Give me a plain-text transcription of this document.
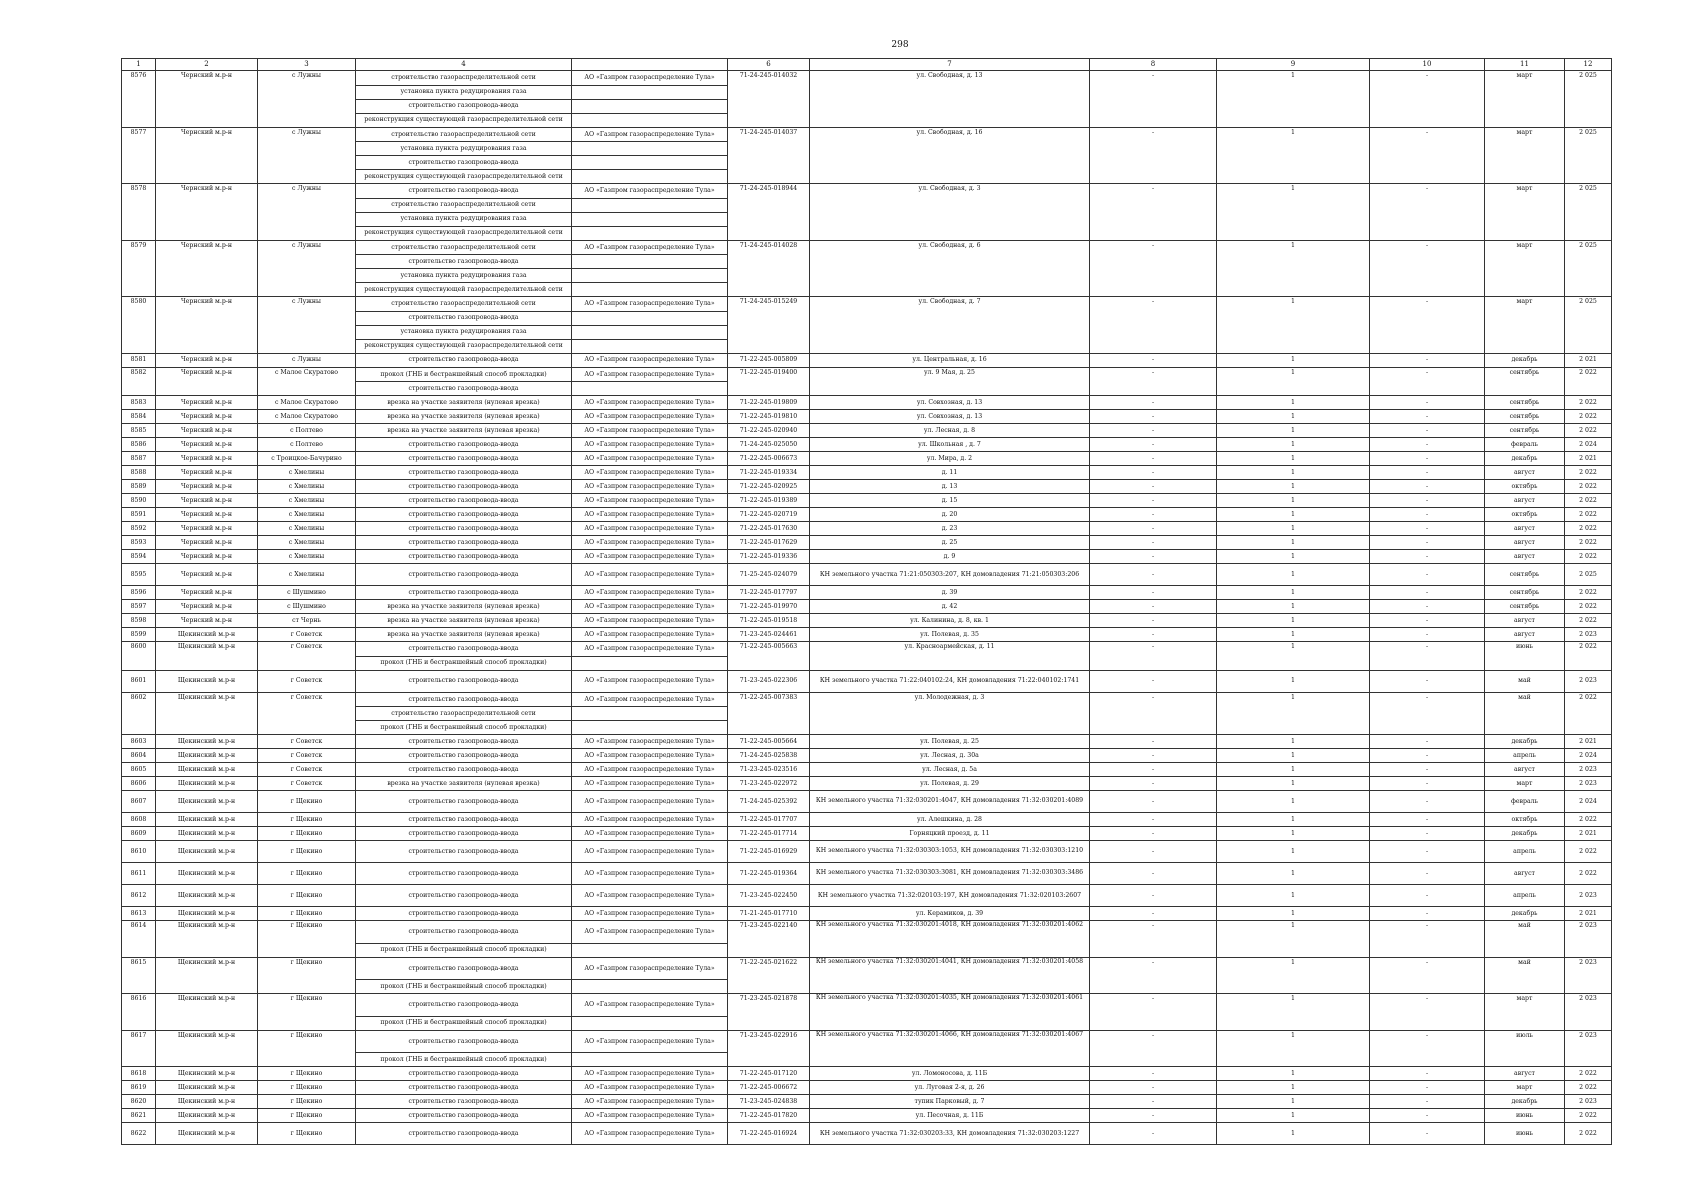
298
1	2	3	4		6	7	8	9	10	11	12
8576	Чернский м.р-н	с Лужны	строительство газораспределительной сети	АО «Газпром газораспределение Тула»	71-24-245-014032	ул. Свободная, д. 13	-	1	-	март	2 025
			установка пункта редуцирования газа								
			строительство газопровода-ввода								
			реконструкция существующей газораспределительной сети								
8577	Чернский м.р-н	с Лужны	строительство газораспределительной сети	АО «Газпром газораспределение Тула»	71-24-245-014037	ул. Свободная, д. 16	-	1	-	март	2 025
			установка пункта редуцирования газа								
			строительство газопровода-ввода								
			реконструкция существующей газораспределительной сети								
8578	Чернский м.р-н	с Лужны	строительство газопровода-ввода	АО «Газпром газораспределение Тула»	71-24-245-018944	ул. Свободная, д. 3	-	1	-	март	2 025
			строительство газораспределительной сети								
			установка пункта редуцирования газа								
			реконструкция существующей газораспределительной сети								
8579	Чернский м.р-н	с Лужны	строительство газораспределительной сети	АО «Газпром газораспределение Тула»	71-24-245-014028	ул. Свободная, д. 6	-	1	-	март	2 025
			строительство газопровода-ввода								
			установка пункта редуцирования газа								
			реконструкция существующей газораспределительной сети								
8580	Чернский м.р-н	с Лужны	строительство газораспределительной сети	АО «Газпром газораспределение Тула»	71-24-245-015249	ул. Свободная, д. 7	-	1	-	март	2 025
			строительство газопровода-ввода								
			установка пункта редуцирования газа								
			реконструкция существующей газораспределительной сети								
8581	Чернский м.р-н	с Лужны	строительство газопровода-ввода	АО «Газпром газораспределение Тула»	71-22-245-005809	ул. Центральная, д. 16	-	1	-	декабрь	2 021
8582	Чернский м.р-н	с Малое Скуратово	прокол (ГНБ и бестраншейный способ прокладки)	АО «Газпром газораспределение Тула»	71-22-245-019400	ул. 9 Мая, д. 25	-	1	-	сентябрь	2 022
			строительство газопровода-ввода								
8583	Чернский м.р-н	с Малое Скуратово	врезка на участке заявителя (нулевая врезка)	АО «Газпром газораспределение Тула»	71-22-245-019809	ул. Совхозная, д. 13	-	1	-	сентябрь	2 022
8584	Чернский м.р-н	с Малое Скуратово	врезка на участке заявителя (нулевая врезка)	АО «Газпром газораспределение Тула»	71-22-245-019810	ул. Совхозная, д. 13	-	1	-	сентябрь	2 022
8585	Чернский м.р-н	с Полтево	врезка на участке заявителя (нулевая врезка)	АО «Газпром газораспределение Тула»	71-22-245-020940	ул. Лесная, д. 8	-	1	-	сентябрь	2 022
8586	Чернский м.р-н	с Полтево	строительство газопровода-ввода	АО «Газпром газораспределение Тула»	71-24-245-025050	ул. Школьная , д. 7	-	1	-	февраль	2 024
8587	Чернский м.р-н	с Троицкое-Бачурино	строительство газопровода-ввода	АО «Газпром газораспределение Тула»	71-22-245-006673	ул. Мира, д. 2	-	1	-	декабрь	2 021
8588	Чернский м.р-н	с Хмелины	строительство газопровода-ввода	АО «Газпром газораспределение Тула»	71-22-245-019334	д. 11	-	1	-	август	2 022
8589	Чернский м.р-н	с Хмелины	строительство газопровода-ввода	АО «Газпром газораспределение Тула»	71-22-245-020925	д. 13	-	1	-	октябрь	2 022
8590	Чернский м.р-н	с Хмелины	строительство газопровода-ввода	АО «Газпром газораспределение Тула»	71-22-245-019389	д. 15	-	1	-	август	2 022
8591	Чернский м.р-н	с Хмелины	строительство газопровода-ввода	АО «Газпром газораспределение Тула»	71-22-245-020719	д. 20	-	1	-	октябрь	2 022
8592	Чернский м.р-н	с Хмелины	строительство газопровода-ввода	АО «Газпром газораспределение Тула»	71-22-245-017630	д. 23	-	1	-	август	2 022
8593	Чернский м.р-н	с Хмелины	строительство газопровода-ввода	АО «Газпром газораспределение Тула»	71-22-245-017629	д. 25	-	1	-	август	2 022
8594	Чернский м.р-н	с Хмелины	строительство газопровода-ввода	АО «Газпром газораспределение Тула»	71-22-245-019336	д. 9	-	1	-	август	2 022
8595	Чернский м.р-н	с Хмелины	строительство газопровода-ввода	АО «Газпром газораспределение Тула»	71-25-245-024079	КН земельного участка 71:21:050303:207, КН домовладения 71:21:050303:206	-	1	-	сентябрь	2 025
8596	Чернский м.р-н	с Шушмино	строительство газопровода-ввода	АО «Газпром газораспределение Тула»	71-22-245-017797	д. 39	-	1	-	сентябрь	2 022
8597	Чернский м.р-н	с Шушмино	врезка на участке заявителя (нулевая врезка)	АО «Газпром газораспределение Тула»	71-22-245-019970	д. 42	-	1	-	сентябрь	2 022
8598	Чернский м.р-н	ст Чернь	врезка на участке заявителя (нулевая врезка)	АО «Газпром газораспределение Тула»	71-22-245-019518	ул. Калинина, д. 8, кв. 1	-	1	-	август	2 022
8599	Щекинский м.р-н	г Советск	врезка на участке заявителя (нулевая врезка)	АО «Газпром газораспределение Тула»	71-23-245-024461	ул. Полевая, д. 35	-	1	-	август	2 023
8600	Щекинский м.р-н	г Советск	строительство газопровода-ввода	АО «Газпром газораспределение Тула»	71-22-245-005663	ул. Красноармейская, д. 11	-	1	-	июнь	2 022
			прокол (ГНБ и бестраншейный способ прокладки)								
8601	Щекинский м.р-н	г Советск	строительство газопровода-ввода	АО «Газпром газораспределение Тула»	71-23-245-022306	КН земельного участка 71:22:040102:24, КН домовладения 71:22:040102:1741	-	1	-	май	2 023
8602	Щекинский м.р-н	г Советск	строительство газопровода-ввода	АО «Газпром газораспределение Тула»	71-22-245-007383	ул. Молодежная, д. 3	-	1	-	май	2 022
			строительство газораспределительной сети								
			прокол (ГНБ и бестраншейный способ прокладки)								
8603	Щекинский м.р-н	г Советск	строительство газопровода-ввода	АО «Газпром газораспределение Тула»	71-22-245-005664	ул. Полевая, д. 25	-	1	-	декабрь	2 021
8604	Щекинский м.р-н	г Советск	строительство газопровода-ввода	АО «Газпром газораспределение Тула»	71-24-245-025838	ул. Лесная, д. 30а	-	1	-	апрель	2 024
8605	Щекинский м.р-н	г Советск	строительство газопровода-ввода	АО «Газпром газораспределение Тула»	71-23-245-023516	ул. Лесная, д. 5а	-	1	-	август	2 023
8606	Щекинский м.р-н	г Советск	врезка на участке заявителя (нулевая врезка)	АО «Газпром газораспределение Тула»	71-23-245-022972	ул. Полевая, д. 29	-	1	-	март	2 023
8607	Щекинский м.р-н	г Щекино	строительство газопровода-ввода	АО «Газпром газораспределение Тула»	71-24-245-025392	КН земельного участка 71:32:030201:4047, КН домовладения 71:32:030201:4089	-	1	-	февраль	2 024
8608	Щекинский м.р-н	г Щекино	строительство газопровода-ввода	АО «Газпром газораспределение Тула»	71-22-245-017707	ул. Алешкина, д. 28	-	1	-	октябрь	2 022
8609	Щекинский м.р-н	г Щекино	строительство газопровода-ввода	АО «Газпром газораспределение Тула»	71-22-245-017714	Горняцкий проезд, д. 11	-	1	-	декабрь	2 021
8610	Щекинский м.р-н	г Щекино	строительство газопровода-ввода	АО «Газпром газораспределение Тула»	71-22-245-016929	КН земельного участка 71:32:030303:1053, КН домовладения 71:32:030303:1210	-	1	-	апрель	2 022
8611	Щекинский м.р-н	г Щекино	строительство газопровода-ввода	АО «Газпром газораспределение Тула»	71-22-245-019364	КН земельного участка 71:32:030303:3081, КН домовладения 71:32:030303:3486	-	1	-	август	2 022
8612	Щекинский м.р-н	г Щекино	строительство газопровода-ввода	АО «Газпром газораспределение Тула»	71-23-245-022450	КН земельного участка 71:32:020103:197, КН домовладения 71:32:020103:2607	-	1	-	апрель	2 023
8613	Щекинский м.р-н	г Щекино	строительство газопровода-ввода	АО «Газпром газораспределение Тула»	71-21-245-017710	ул. Керамиков, д. 39	-	1	-	декабрь	2 021
8614	Щекинский м.р-н	г Щекино	строительство газопровода-ввода	АО «Газпром газораспределение Тула»	71-23-245-022140	КН земельного участка 71:32:030201:4018, КН домовладения 71:32:030201:4062	-	1	-	май	2 023
			прокол (ГНБ и бестраншейный способ прокладки)								
8615	Щекинский м.р-н	г Щекино	строительство газопровода-ввода	АО «Газпром газораспределение Тула»	71-22-245-021622	КН земельного участка 71:32:030201:4041, КН домовладения 71:32:030201:4058	-	1	-	май	2 023
			прокол (ГНБ и бестраншейный способ прокладки)								
8616	Щекинский м.р-н	г Щекино	строительство газопровода-ввода	АО «Газпром газораспределение Тула»	71-23-245-021878	КН земельного участка 71:32:030201:4035, КН домовладения 71:32:030201:4061	-	1	-	март	2 023
			прокол (ГНБ и бестраншейный способ прокладки)								
8617	Щекинский м.р-н	г Щекино	строительство газопровода-ввода	АО «Газпром газораспределение Тула»	71-23-245-022916	КН земельного участка 71:32:030201:4066, КН домовладения 71:32:030201:4067	-	1	-	июль	2 023
			прокол (ГНБ и бестраншейный способ прокладки)								
8618	Щекинский м.р-н	г Щекино	строительство газопровода-ввода	АО «Газпром газораспределение Тула»	71-22-245-017120	ул. Ломоносова, д. 11Б	-	1	-	август	2 022
8619	Щекинский м.р-н	г Щекино	строительство газопровода-ввода	АО «Газпром газораспределение Тула»	71-22-245-006672	ул. Луговая 2-я, д. 26	-	1	-	март	2 022
8620	Щекинский м.р-н	г Щекино	строительство газопровода-ввода	АО «Газпром газораспределение Тула»	71-23-245-024838	тупик Парковый, д. 7	-	1	-	декабрь	2 023
8621	Щекинский м.р-н	г Щекино	строительство газопровода-ввода	АО «Газпром газораспределение Тула»	71-22-245-017820	ул. Песочная, д. 11Б	-	1	-	июнь	2 022
8622	Щекинский м.р-н	г Щекино	строительство газопровода-ввода	АО «Газпром газораспределение Тула»	71-22-245-016924	КН земельного участка 71:32:030203:33, КН домовладения 71:32:030203:1227	-	1	-	июнь	2 022
